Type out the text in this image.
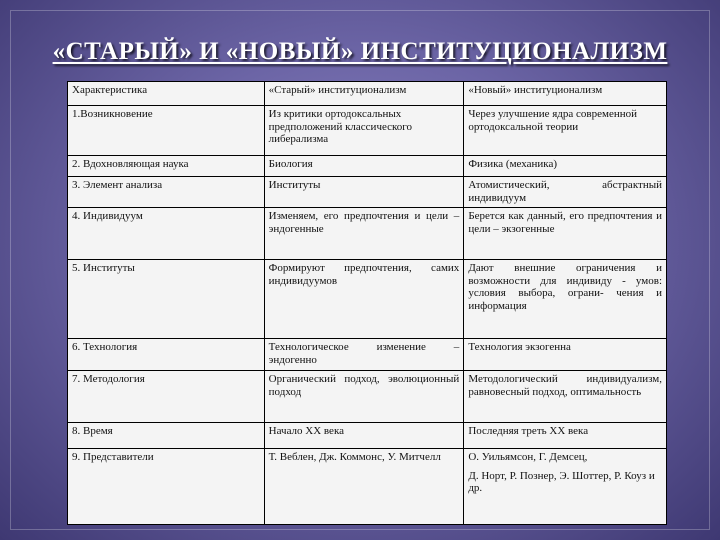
«СТАРЫЙ» И «НОВЫЙ» ИНСТИТУЦИОНАЛИЗМ
Характеристика	«Старый» институционализм	«Новый» институционализм
1.Возникновение	Из критики ортодоксальных предположений классического либерализма	Через улучшение ядра современной ортодоксальной теории
2. Вдохновляющая наука	Биология	Физика (механика)
3. Элемент анализа	Институты	Атомистический, абстрактный индивидуум
4. Индивидуум	Изменяем, его предпочтения и цели – эндогенные	Берется как данный, его предпочтения и цели – экзогенные
5. Институты	Формируют предпочтения, самих индивидуумов	Дают внешние ограничения и возможности для индивиду - умов: условия выбора, ограни- чения и информация
6. Технология	Технологическое изменение – эндогенно	Технология экзогенна
7. Методология	Органический подход, эволюционный подход	Методологический индивидуализм, равновесный подход, оптимальность
8. Время	Начало XX века	Последняя треть XX века
9. Представители	Т. Веблен, Дж. Коммонс, У. Митчелл	О. Уильямсон, Г. Демсец,
Д. Норт, Р. Познер, Э. Шоттер, Р. Коуз и др.
